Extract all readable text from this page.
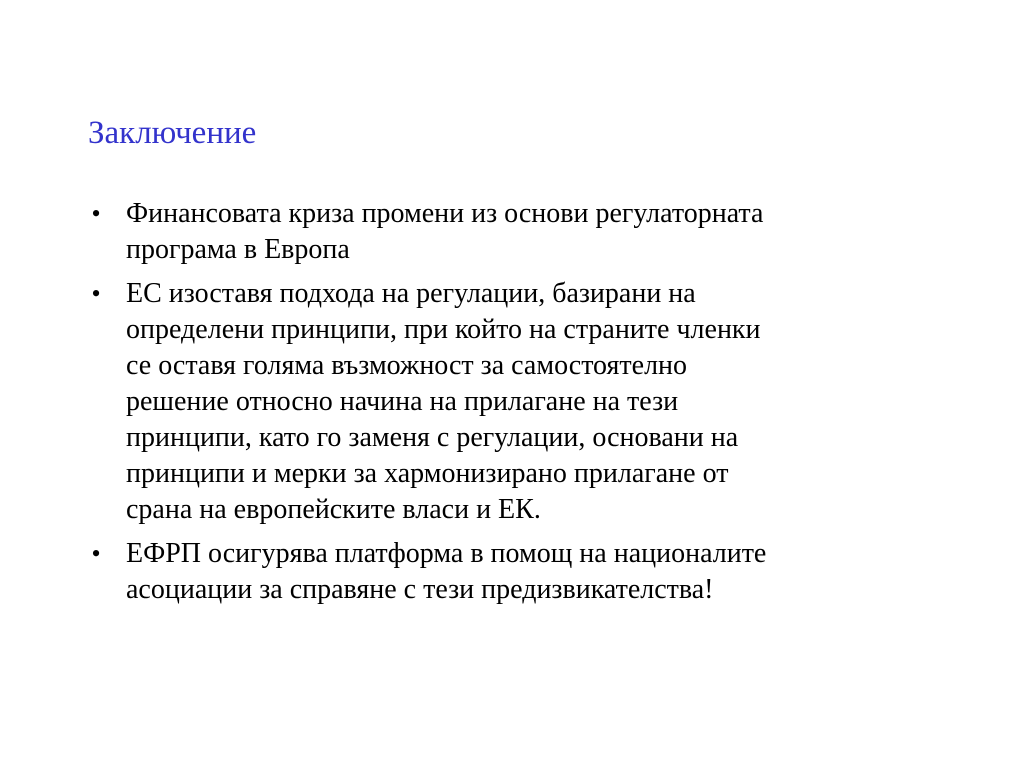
Заключение
• Финансовата криза промени из основи регулаторната
програма в Европа
• ЕС изоставя подхода на регулации, базирани на
определени принципи, при който на страните членки
се оставя голяма възможност за самостоятелно
решение относно начина на прилагане на тези
принципи, като го заменя с регулации, основани на
принципи и мерки за хармонизирано прилагане от
срана на европейските власи и ЕК.
• ЕФРП осигурява платформа в помощ на националите
асоциации за справяне с тези предизвикателства!
